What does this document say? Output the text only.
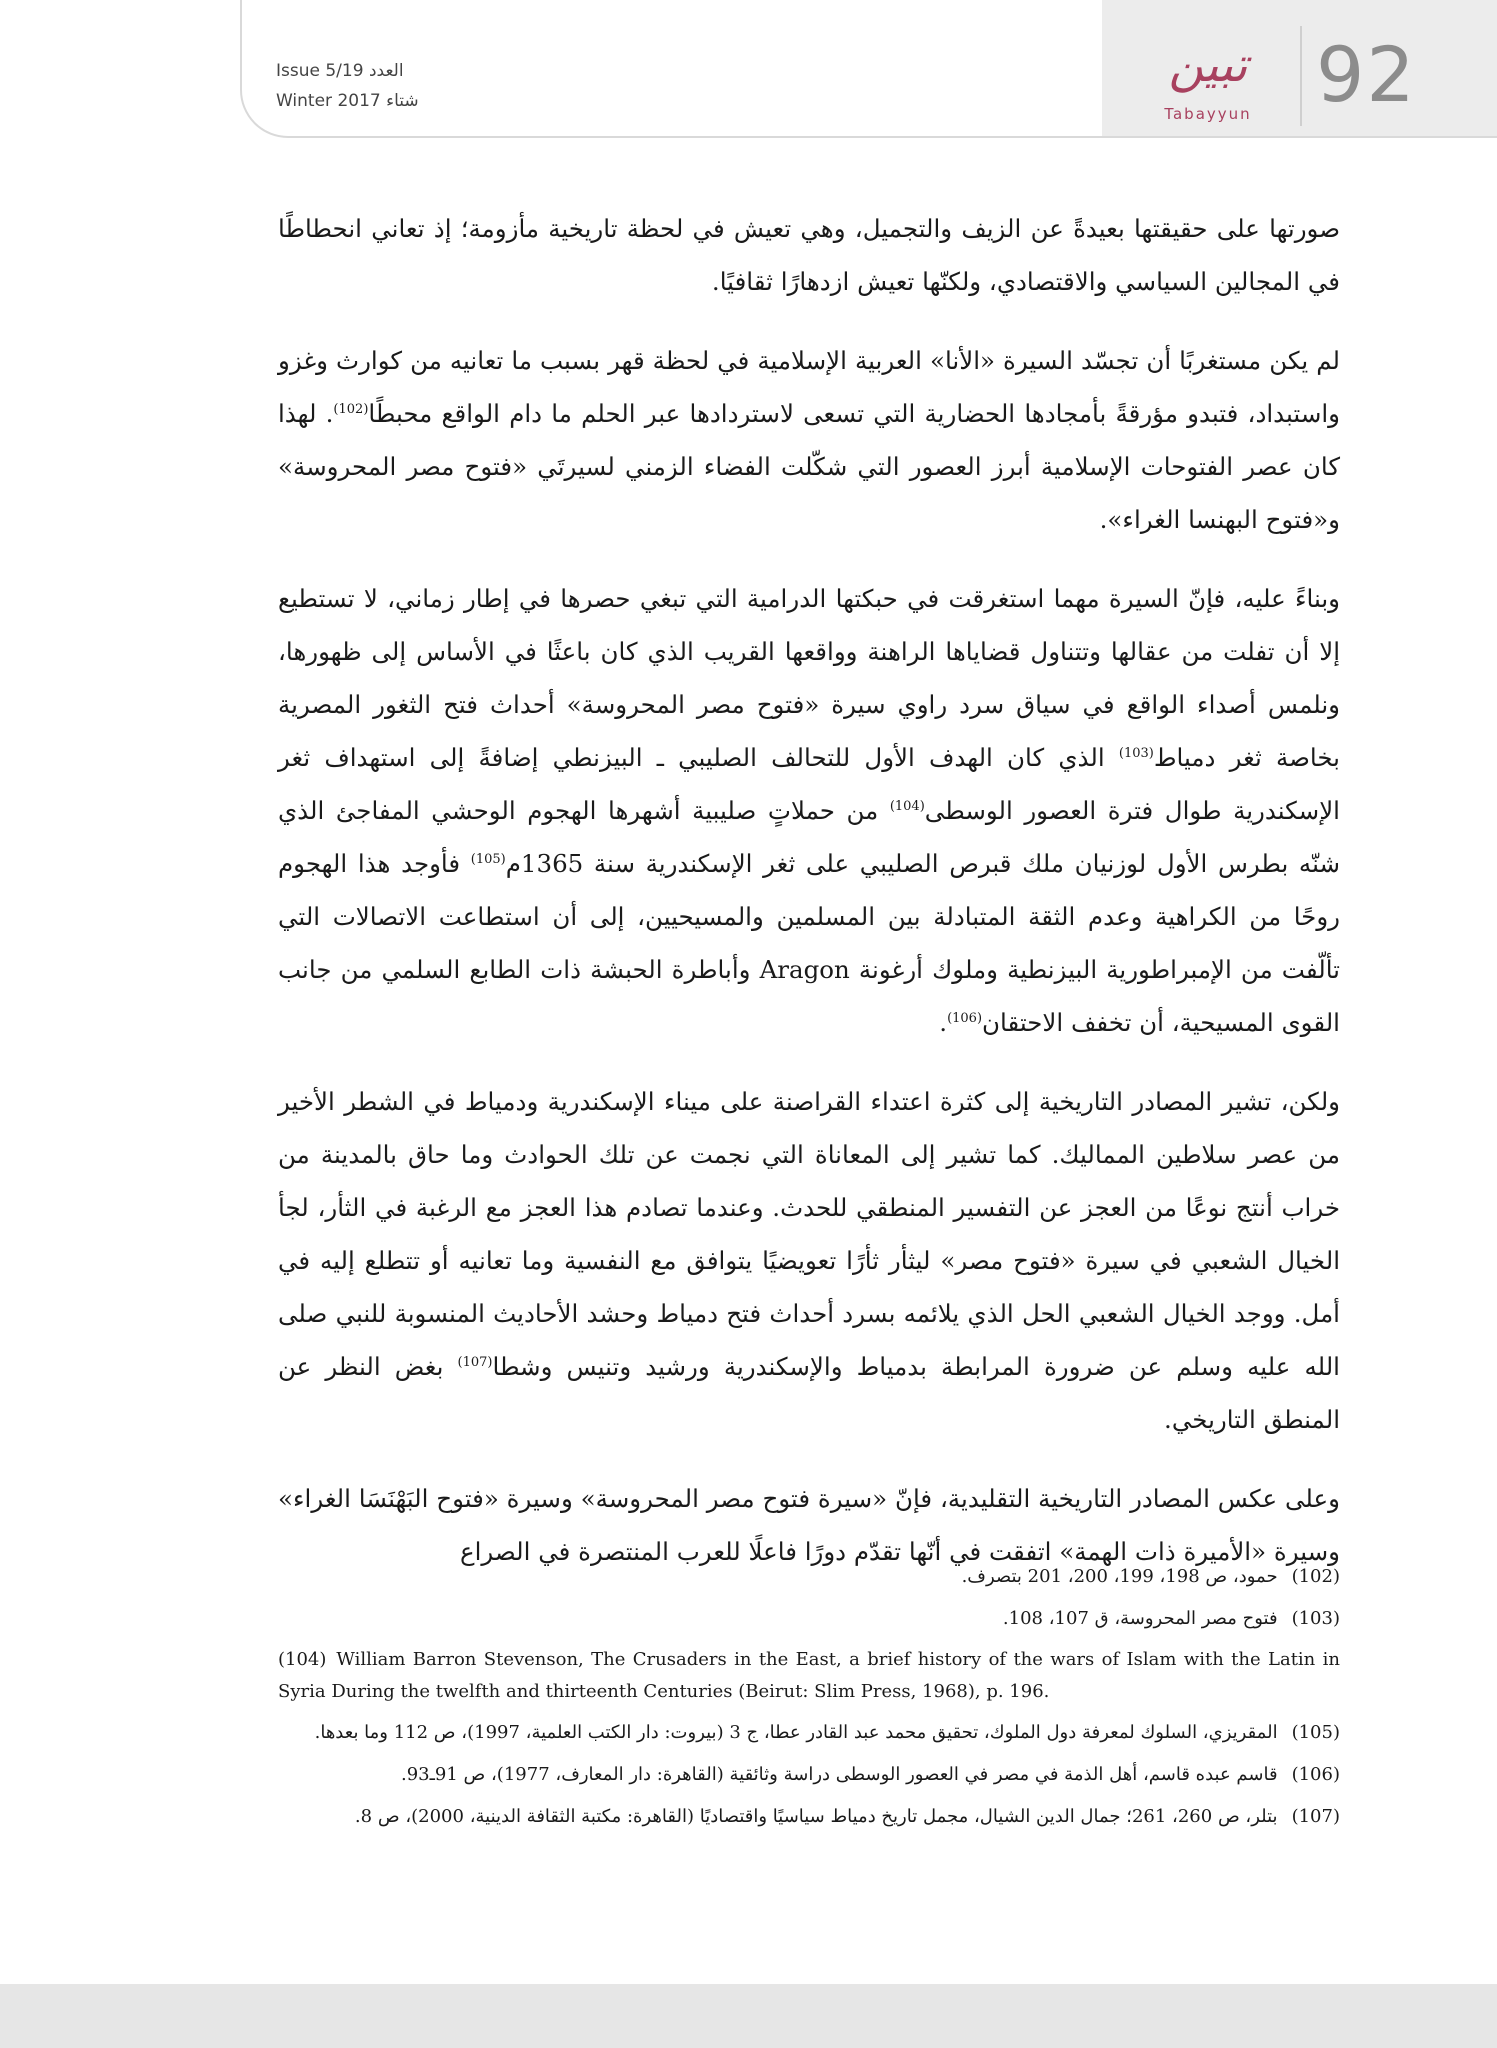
تبين
Tabayyun 92
Issue 5/19 العدد
Winter 2017 شتاء

صورتها على حقيقتها بعيدةً عن الزيف والتجميل، وهي تعيش في لحظة تاريخية مأزومة؛ إذ تعاني انحطاطًا في المجالين السياسي والاقتصادي، ولكنّها تعيش ازدهارًا ثقافيًا.

لم يكن مستغربًا أن تجسّد السيرة «الأنا» العربية الإسلامية في لحظة قهر بسبب ما تعانيه من كوارث وغزو واستبداد، فتبدو مؤرقةً بأمجادها الحضارية التي تسعى لاستردادها عبر الحلم ما دام الواقع محبطًا$^{(102)}$. لهذا كان عصر الفتوحات الإسلامية أبرز العصور التي شكّلت الفضاء الزمني لسيرتَي «فتوح مصر المحروسة» و«فتوح البهنسا الغراء».

وبناءً عليه، فإنّ السيرة مهما استغرقت في حبكتها الدرامية التي تبغي حصرها في إطار زماني، لا تستطيع إلا أن تفلت من عقالها وتتناول قضاياها الراهنة وواقعها القريب الذي كان باعثًا في الأساس إلى ظهورها، ونلمس أصداء الواقع في سياق سرد راوي سيرة «فتوح مصر المحروسة» أحداث فتح الثغور المصرية بخاصة ثغر دمياط$^{(103)}$ الذي كان الهدف الأول للتحالف الصليبي ـ البيزنطي إضافةً إلى استهداف ثغر الإسكندرية طوال فترة العصور الوسطى$^{(104)}$ من حملاتٍ صليبية أشهرها الهجوم الوحشي المفاجئ الذي شنّه بطرس الأول لوزنيان ملك قبرص الصليبي على ثغر الإسكندرية سنة 1365م$^{(105)}$ فأوجد هذا الهجوم روحًا من الكراهية وعدم الثقة المتبادلة بين المسلمين والمسيحيين، إلى أن استطاعت الاتصالات التي تألّفت من الإمبراطورية البيزنطية وملوك أرغونة Aragon وأباطرة الحبشة ذات الطابع السلمي من جانب القوى المسيحية، أن تخفف الاحتقان$^{(106)}$.

ولكن، تشير المصادر التاريخية إلى كثرة اعتداء القراصنة على ميناء الإسكندرية ودمياط في الشطر الأخير من عصر سلاطين المماليك. كما تشير إلى المعاناة التي نجمت عن تلك الحوادث وما حاق بالمدينة من خراب أنتج نوعًا من العجز عن التفسير المنطقي للحدث. وعندما تصادم هذا العجز مع الرغبة في الثأر، لجأ الخيال الشعبي في سيرة «فتوح مصر» ليثأر ثأرًا تعويضيًا يتوافق مع النفسية وما تعانيه أو تتطلع إليه في أمل. ووجد الخيال الشعبي الحل الذي يلائمه بسرد أحداث فتح دمياط وحشد الأحاديث المنسوبة للنبي صلى الله عليه وسلم عن ضرورة المرابطة بدمياط والإسكندرية ورشيد وتنيس وشطا$^{(107)}$ بغض النظر عن المنطق التاريخي.

وعلى عكس المصادر التاريخية التقليدية، فإنّ «سيرة فتوح مصر المحروسة» وسيرة «فتوح البَهْنَسَا الغراء» وسيرة «الأميرة ذات الهمة» اتفقت في أنّها تقدّم دورًا فاعلًا للعرب المنتصرة في الصراع

(102)حمود، ص 198، 199، 200، 201 بتصرف.
(103)فتوح مصر المحروسة، ق 107، 108.
(104) William Barron Stevenson, The Crusaders in the East, a brief history of the wars of Islam with the Latin in Syria During the twelfth and thirteenth Centuries (Beirut: Slim Press, 1968), p. 196.
(105)المقريزي، السلوك لمعرفة دول الملوك، تحقيق محمد عبد القادر عطا، ج 3 (بيروت: دار الكتب العلمية، 1997)، ص 112 وما بعدها.
(106)قاسم عبده قاسم، أهل الذمة في مصر في العصور الوسطى دراسة وثائقية (القاهرة: دار المعارف، 1977)، ص 91ـ93.
(107)بتلر، ص 260، 261؛ جمال الدين الشيال، مجمل تاريخ دمياط سياسيًا واقتصاديًا (القاهرة: مكتبة الثقافة الدينية، 2000)، ص 8.
